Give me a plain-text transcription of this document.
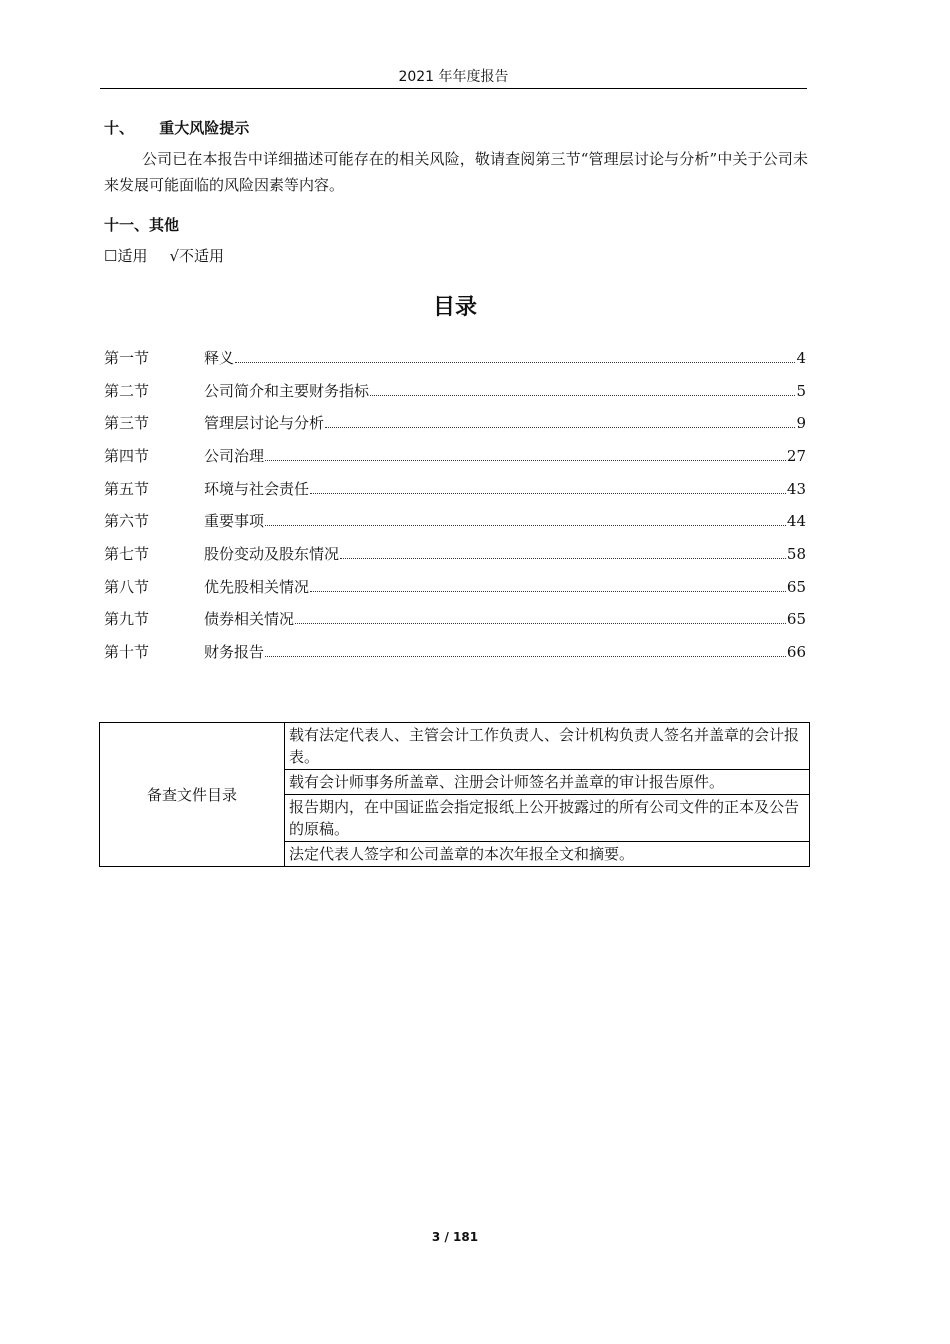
2021 年年度报告
十、 重大风险提示
公司已在本报告中详细描述可能存在的相关风险，敬请查阅第三节“管理层讨论与分析”中关于公司未来发展可能面临的风险因素等内容。
十一、其他
☐适用 √不适用
目录
第一节	释义	4
第二节	公司简介和主要财务指标	5
第三节	管理层讨论与分析	9
第四节	公司治理	27
第五节	环境与社会责任	43
第六节	重要事项	44
第七节	股份变动及股东情况	58
第八节	优先股相关情况	65
第九节	债券相关情况	65
第十节	财务报告	66
备查文件目录	载有法定代表人、主管会计工作负责人、会计机构负责人签名并盖章的会计报表。
载有会计师事务所盖章、注册会计师签名并盖章的审计报告原件。
报告期内，在中国证监会指定报纸上公开披露过的所有公司文件的正本及公告的原稿。
法定代表人签字和公司盖章的本次年报全文和摘要。
3 / 181
